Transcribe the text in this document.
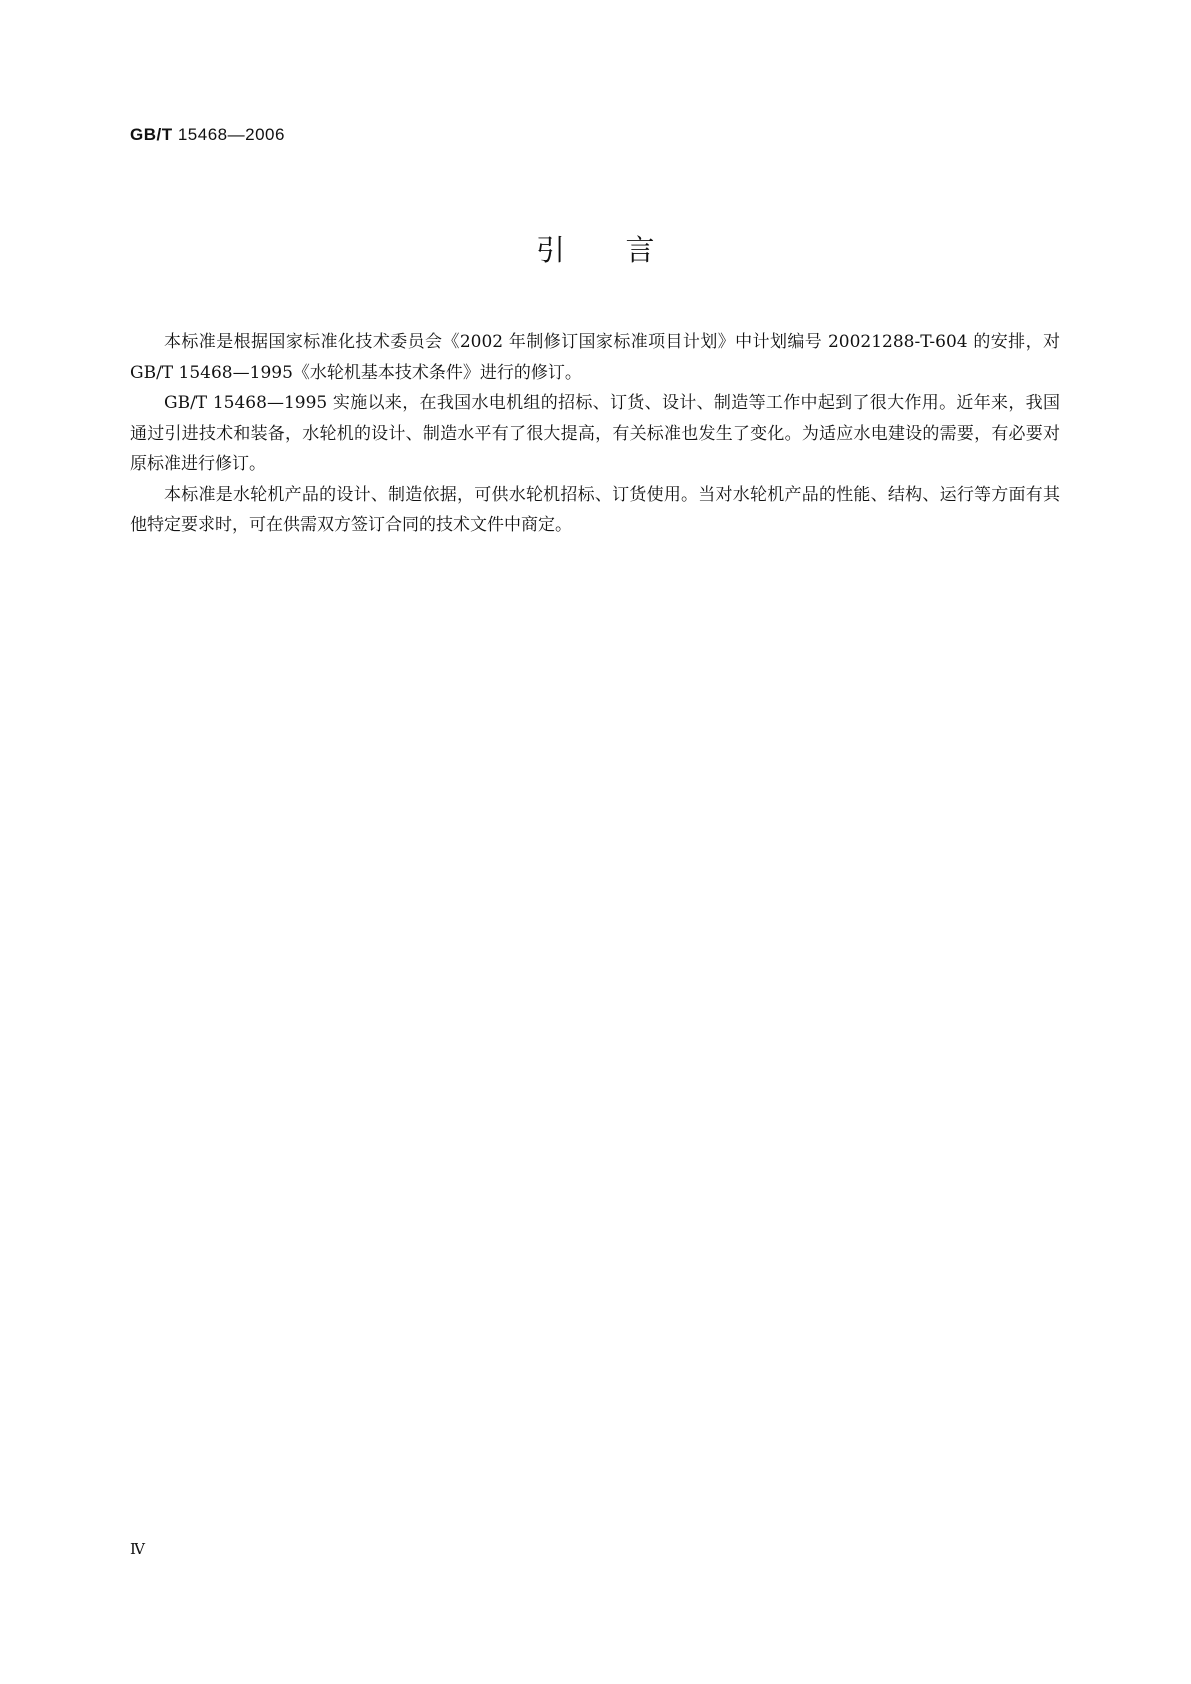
GB/T 15468—2006
引 言

本标准是根据国家标准化技术委员会《2002 年制修订国家标准项目计划》中计划编号 20021288-T-604 的安排，对 GB/T 15468—1995《水轮机基本技术条件》进行的修订。

GB/T 15468—1995 实施以来，在我国水电机组的招标、订货、设计、制造等工作中起到了很大作用。近年来，我国通过引进技术和装备，水轮机的设计、制造水平有了很大提高，有关标准也发生了变化。为适应水电建设的需要，有必要对原标准进行修订。

本标准是水轮机产品的设计、制造依据，可供水轮机招标、订货使用。当对水轮机产品的性能、结构、运行等方面有其他特定要求时，可在供需双方签订合同的技术文件中商定。

Ⅳ
